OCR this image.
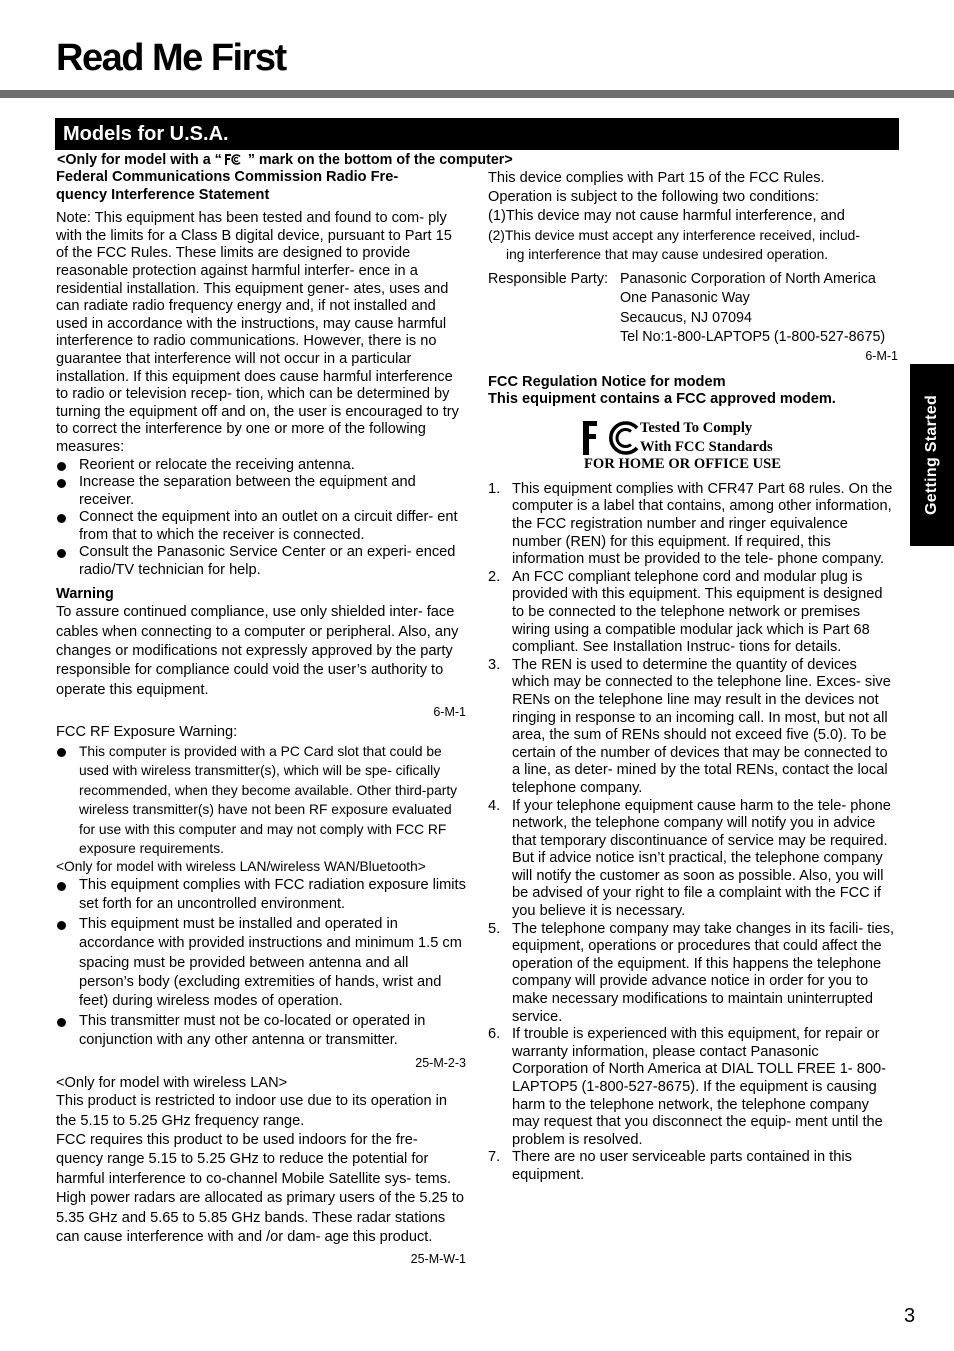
Read Me First
Models for U.S.A.
<Only for model with a “ ” mark on the bottom of the computer>

Federal Communications Commission Radio Fre-

quency Interference Statement

Note: This equipment has been tested and found to com- ply with the limits for a Class B digital device, pursuant to Part 15 of the FCC Rules. These limits are designed to provide reasonable protection against harmful interfer- ence in a residential installation. This equipment gener- ates, uses and can radiate radio frequency energy and, if not installed and used in accordance with the instructions, may cause harmful interference to radio communications. However, there is no guarantee that interference will not occur in a particular installation. If this equipment does cause harmful interference to radio or television recep- tion, which can be determined by turning the equipment off and on, the user is encouraged to try to correct the interference by one or more of the following measures:

Reorient or relocate the receiving antenna.

Increase the separation between the equipment and receiver.

Connect the equipment into an outlet on a circuit differ- ent from that to which the receiver is connected.

Consult the Panasonic Service Center or an experi- enced radio/TV technician for help.

Warning

To assure continued compliance, use only shielded inter- face cables when connecting to a computer or peripheral. Also, any changes or modifications not expressly approved by the party responsible for compliance could void the user’s authority to operate this equipment.

6-M-1

FCC RF Exposure Warning:

This computer is provided with a PC Card slot that could be used with wireless transmitter(s), which will be spe- cifically recommended, when they become available. Other third-party wireless transmitter(s) have not been RF exposure evaluated for use with this computer and may not comply with FCC RF exposure requirements.

<Only for model with wireless LAN/wireless WAN/Bluetooth>

This equipment complies with FCC radiation exposure limits set forth for an uncontrolled environment.

This equipment must be installed and operated in accordance with provided instructions and minimum 1.5 cm spacing must be provided between antenna and all person’s body (excluding extremities of hands, wrist and feet) during wireless modes of operation.

This transmitter must not be co-located or operated in conjunction with any other antenna or transmitter.

25-M-2-3

<Only for model with wireless LAN>

This product is restricted to indoor use due to its operation in the 5.15 to 5.25 GHz frequency range.

FCC requires this product to be used indoors for the fre- quency range 5.15 to 5.25 GHz to reduce the potential for harmful interference to co-channel Mobile Satellite sys- tems.

High power radars are allocated as primary users of the 5.25 to 5.35 GHz and 5.65 to 5.85 GHz bands. These radar stations can cause interference with and /or dam- age this product.

25-M-W-1

This device complies with Part 15 of the FCC Rules.

Operation is subject to the following two conditions:

(1)This device may not cause harmful interference, and

(2)This device must accept any interference received, includ-

ing interference that may cause undesired operation.

Responsible Party: Panasonic Corporation of North America
One Panasonic Way
Secaucus, NJ 07094
Tel No:1-800-LAPTOP5 (1-800-527-8675)

6-M-1

FCC Regulation Notice for modem

This equipment contains a FCC approved modem.

Tested To Comply
With FCC Standards
FOR HOME OR OFFICE USE

1. This equipment complies with CFR47 Part 68 rules. On the computer is a label that contains, among other information, the FCC registration number and ringer equivalence number (REN) for this equipment. If required, this information must be provided to the tele- phone company.

2. An FCC compliant telephone cord and modular plug is provided with this equipment. This equipment is designed to be connected to the telephone network or premises wiring using a compatible modular jack which is Part 68 compliant. See Installation Instruc- tions for details.

3. The REN is used to determine the quantity of devices which may be connected to the telephone line. Exces- sive RENs on the telephone line may result in the devices not ringing in response to an incoming call. In most, but not all area, the sum of RENs should not exceed five (5.0). To be certain of the number of devices that may be connected to a line, as deter- mined by the total RENs, contact the local telephone company.

4. If your telephone equipment cause harm to the tele- phone network, the telephone company will notify you in advice that temporary discontinuance of service may be required. But if advice notice isn’t practical, the telephone company will notify the customer as soon as possible. Also, you will be advised of your right to file a complaint with the FCC if you believe it is necessary.

5. The telephone company may take changes in its facili- ties, equipment, operations or procedures that could affect the operation of the equipment. If this happens the telephone company will provide advance notice in order for you to make necessary modifications to maintain uninterrupted service.

6. If trouble is experienced with this equipment, for repair or warranty information, please contact Panasonic Corporation of North America at DIAL TOLL FREE 1- 800-LAPTOP5 (1-800-527-8675). If the equipment is causing harm to the telephone network, the telephone company may request that you disconnect the equip- ment until the problem is resolved.

7. There are no user serviceable parts contained in this equipment.

Getting Started
3
